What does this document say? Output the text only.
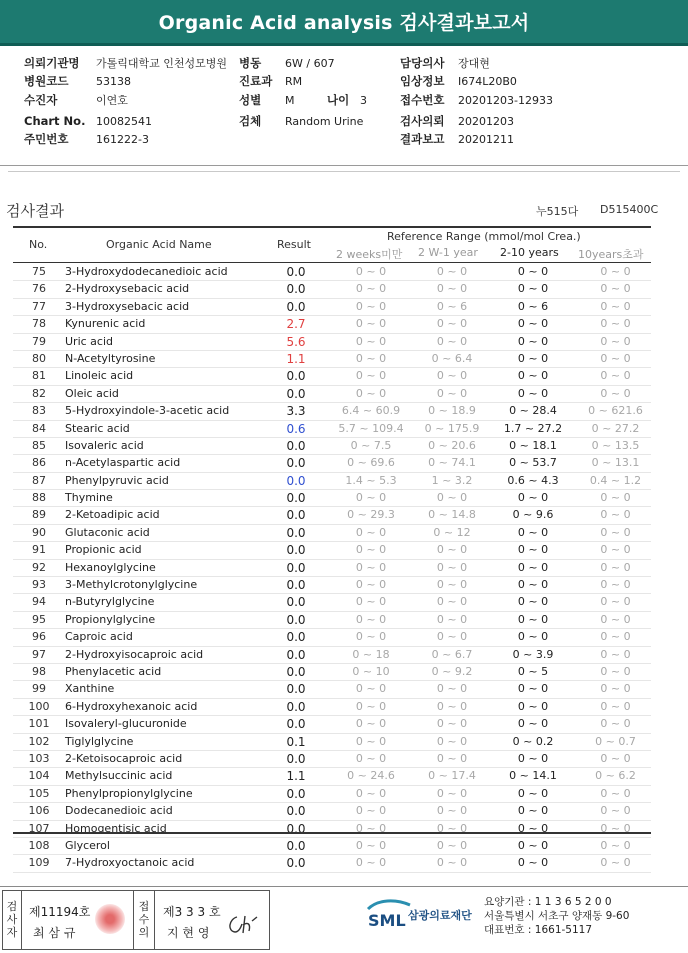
Organic Acid analysis 검사결과보고서
의뢰기관명 가톨릭대학교 인천성모병원
병원코드	53138
수진자	이연호
Chart No. 10082541
주민번호	161222-3
병동 6W / 607
진료과 RM
성별 M	나이 3
검체 Random Urine
담당의사 장대현
임상정보 I674L20B0
접수번호 20201203-12933
검사의뢰 20201203
결과보고 20201211
검사결과	누515다 D515400C
No.	Organic Acid Name	Result
Reference Range (mmol/mol Crea.)
2 weeks미만 2 W-1 year 2-10 years 10years초과
75	3-Hydroxydodecanedioic acid	0.0	0 ~ 0	0 ~ 0	0 ~ 0	0 ~ 0
76	2-Hydroxysebacic acid	0.0	0 ~ 0	0 ~ 0	0 ~ 0	0 ~ 0
77	3-Hydroxysebacic acid	0.0	0 ~ 0	0 ~ 6	0 ~ 6	0 ~ 0
78	Kynurenic acid	2.7	0 ~ 0	0 ~ 0	0 ~ 0	0 ~ 0
79	Uric acid	5.6	0 ~ 0	0 ~ 0	0 ~ 0	0 ~ 0
80	N-Acetyltyrosine	1.1	0 ~ 0	0 ~ 6.4	0 ~ 0	0 ~ 0
81	Linoleic acid	0.0	0 ~ 0	0 ~ 0	0 ~ 0	0 ~ 0
82	Oleic acid	0.0	0 ~ 0	0 ~ 0	0 ~ 0	0 ~ 0
83	5-Hydroxyindole-3-acetic acid	3.3	6.4 ~ 60.9	0 ~ 18.9	0 ~ 28.4	0 ~ 621.6
84	Stearic acid	0.6	5.7 ~ 109.4	0 ~ 175.9	1.7 ~ 27.2	0 ~ 27.2
85	Isovaleric acid	0.0	0 ~ 7.5	0 ~ 20.6	0 ~ 18.1	0 ~ 13.5
86	n-Acetylaspartic acid	0.0	0 ~ 69.6	0 ~ 74.1	0 ~ 53.7	0 ~ 13.1
87	Phenylpyruvic acid	0.0	1.4 ~ 5.3	1 ~ 3.2	0.6 ~ 4.3	0.4 ~ 1.2
88	Thymine	0.0	0 ~ 0	0 ~ 0	0 ~ 0	0 ~ 0
89	2-Ketoadipic acid	0.0	0 ~ 29.3	0 ~ 14.8	0 ~ 9.6	0 ~ 0
90	Glutaconic acid	0.0	0 ~ 0	0 ~ 12	0 ~ 0	0 ~ 0
91	Propionic acid	0.0	0 ~ 0	0 ~ 0	0 ~ 0	0 ~ 0
92	Hexanoylglycine	0.0	0 ~ 0	0 ~ 0	0 ~ 0	0 ~ 0
93	3-Methylcrotonylglycine	0.0	0 ~ 0	0 ~ 0	0 ~ 0	0 ~ 0
94	n-Butyrylglycine	0.0	0 ~ 0	0 ~ 0	0 ~ 0	0 ~ 0
95	Propionylglycine	0.0	0 ~ 0	0 ~ 0	0 ~ 0	0 ~ 0
96	Caproic acid	0.0	0 ~ 0	0 ~ 0	0 ~ 0	0 ~ 0
97	2-Hydroxyisocaproic acid	0.0	0 ~ 18	0 ~ 6.7	0 ~ 3.9	0 ~ 0
98	Phenylacetic acid	0.0	0 ~ 10	0 ~ 9.2	0 ~ 5	0 ~ 0
99	Xanthine	0.0	0 ~ 0	0 ~ 0	0 ~ 0	0 ~ 0
100	6-Hydroxyhexanoic acid	0.0	0 ~ 0	0 ~ 0	0 ~ 0	0 ~ 0
101	Isovaleryl-glucuronide	0.0	0 ~ 0	0 ~ 0	0 ~ 0	0 ~ 0
102	Tiglylglycine	0.1	0 ~ 0	0 ~ 0	0 ~ 0.2	0 ~ 0.7
103	2-Ketoisocaproic acid	0.0	0 ~ 0	0 ~ 0	0 ~ 0	0 ~ 0
104	Methylsuccinic acid	1.1	0 ~ 24.6	0 ~ 17.4	0 ~ 14.1	0 ~ 6.2
105	Phenylpropionylglycine	0.0	0 ~ 0	0 ~ 0	0 ~ 0	0 ~ 0
106	Dodecanedioic acid	0.0	0 ~ 0	0 ~ 0	0 ~ 0	0 ~ 0
107	Homogentisic acid	0.0	0 ~ 0	0 ~ 0	0 ~ 0	0 ~ 0
108	Glycerol	0.0	0 ~ 0	0 ~ 0	0 ~ 0	0 ~ 0
109	7-Hydroxyoctanoic acid	0.0	0 ~ 0	0 ~ 0	0 ~ 0	0 ~ 0
검사자
제11194호
최 삼 규
접수의
제3 3 3 호
지 현 영
SML 삼광의료재단
요양기관 : 1 1 3 6 5 2 0 0
서울특별시 서초구 양재동 9-60
대표번호 : 1661-5117
